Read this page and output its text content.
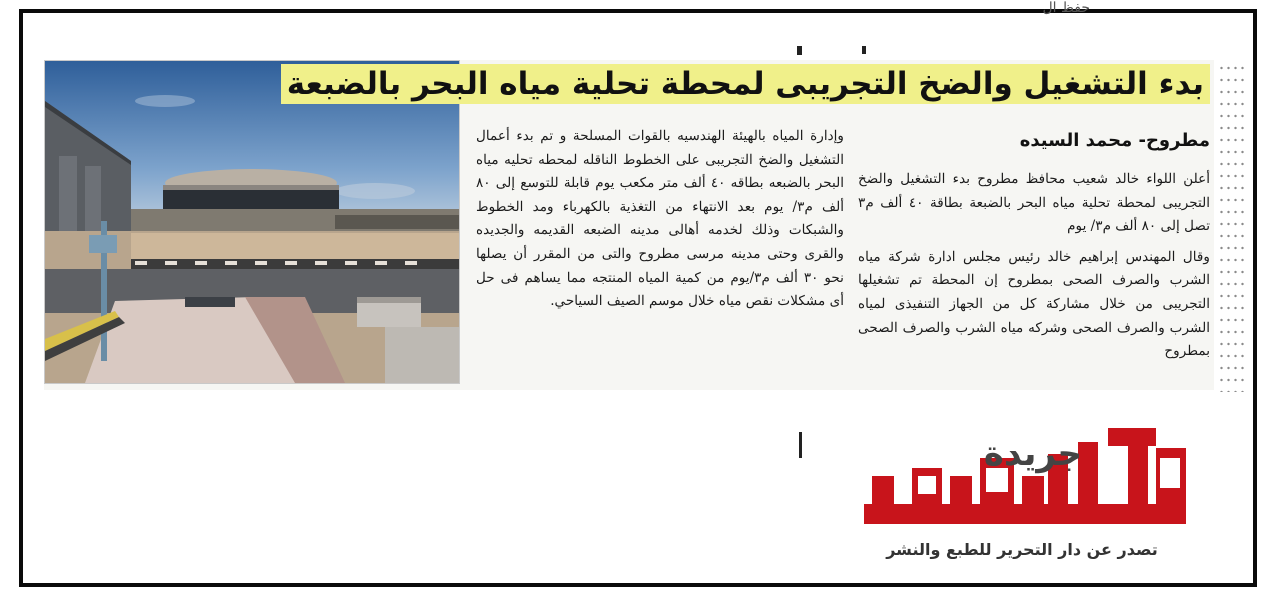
حفظ ال
بدء التشغيل والضخ التجريبى لمحطة تحلية مياه البحر بالضبعة
مطروح- محمد السيده

أعلن اللواء خالد شعيب محافظ مطروح بدء التشغيل والضخ التجريبى لمحطة تحلية مياه البحر بالضبعة بطاقة ٤٠ ألف م٣ تصل إلى ٨٠ ألف م٣/ يوم

وقال المهندس إبراهيم خالد رئيس مجلس ادارة شركة مياه الشرب والصرف الصحى بمطروح إن المحطة تم تشغيلها التجريبى من خلال مشاركة كل من الجهاز التنفيذى لمياه الشرب والصرف الصحى وشركه مياه الشرب والصرف الصحى بمطروح

وإدارة المياه بالهيئة الهندسيه بالقوات المسلحة و تم بدء أعمال التشغيل والضخ التجريبى على الخطوط الناقله لمحطه تحليه مياه البحر بالضبعه بطاقه ٤٠ ألف متر مكعب يوم قابلة للتوسع إلى ٨٠ ألف م٣/ يوم بعد الانتهاء من التغذية بالكهرباء ومد الخطوط والشبكات وذلك لخدمه أهالى مدينه الضبعه القديمه والجديده والقرى وحتى مدينه مرسى مطروح والتى من المقرر أن يصلها نحو ٣٠ ألف م٣/يوم من كمية المياه المنتجه مما يساهم فى حل أى مشكلات نقص مياه خلال موسم الصيف السياحي.

جريدة
تصدر عن دار التحرير للطبع والنشر
